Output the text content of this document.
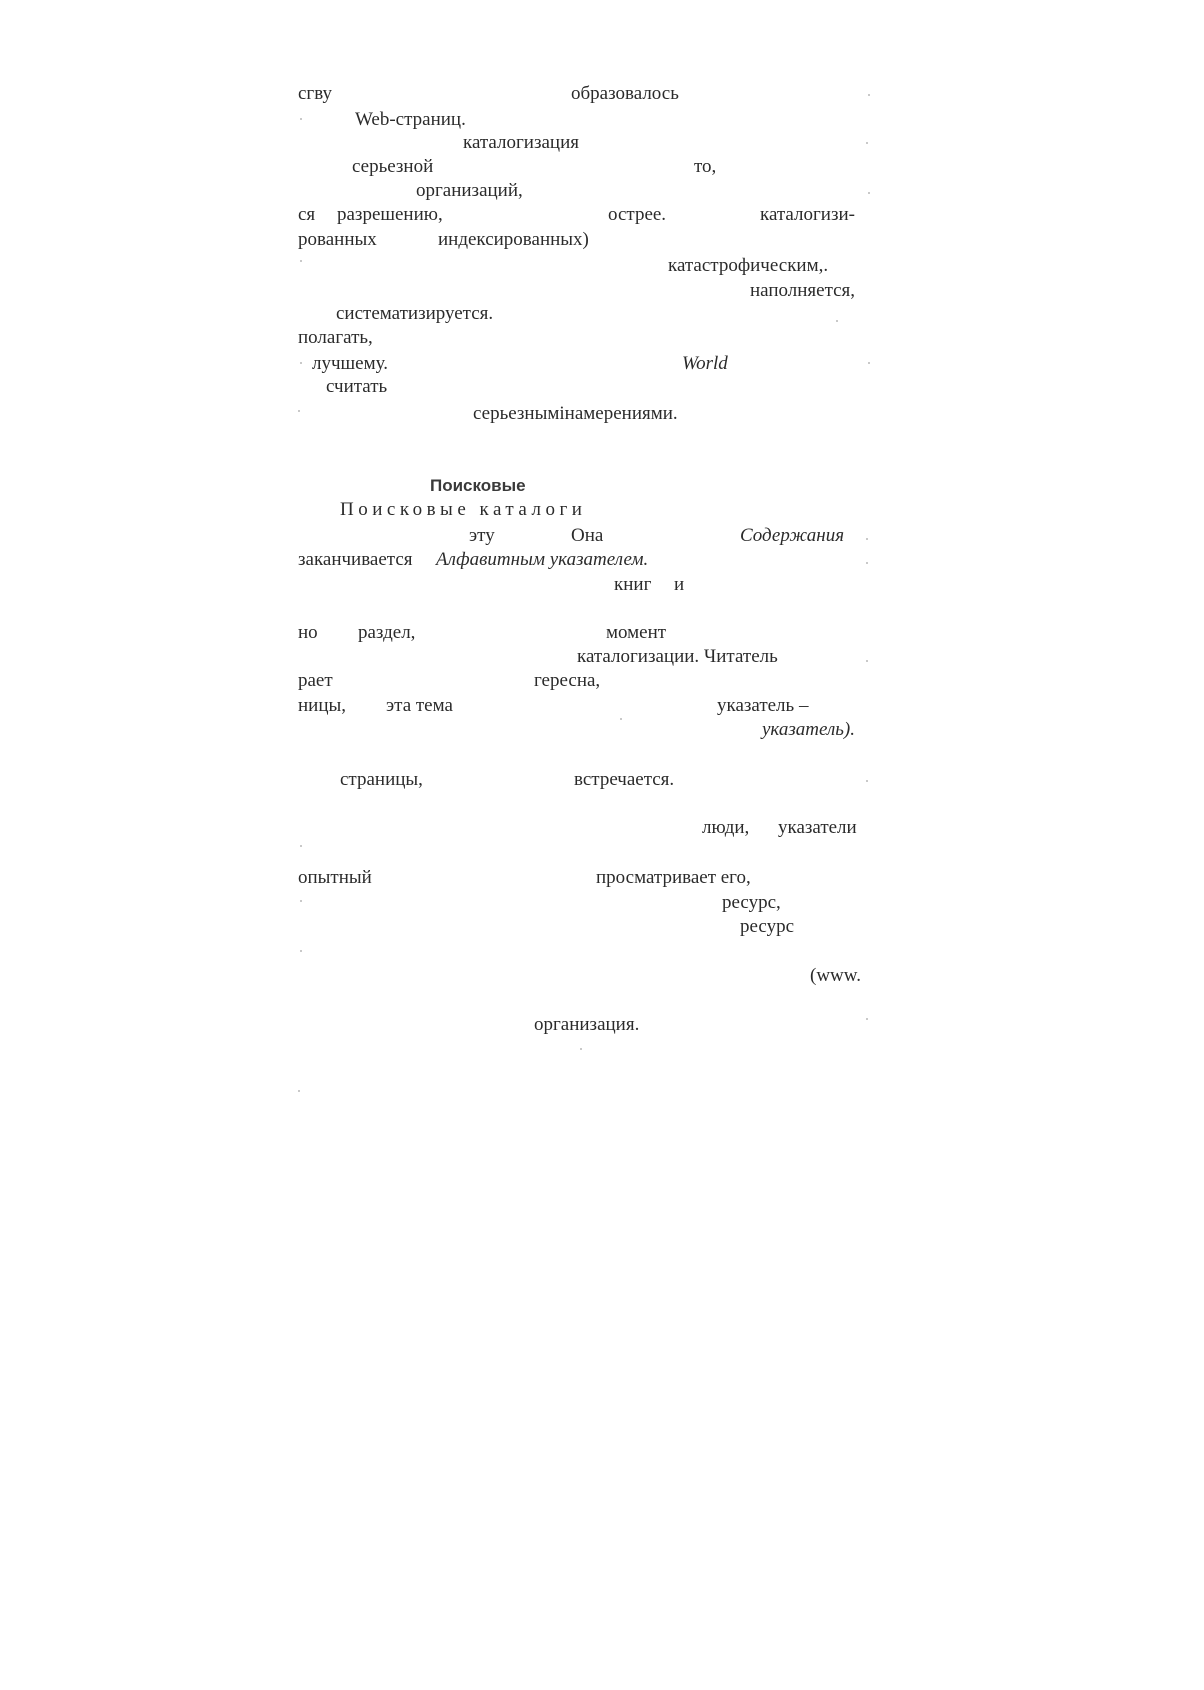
сгву	образовалось
Web-страниц.
каталогизация
серьезной	то,
организаций,
ся разрешению,	острее.	каталогизи-
рованных	индексированных)
катастрофическим,.
наполняется,
систематизируется.
полагать,
лучшему.	World
считать
серьезнымінамерениями.
Поисковые
Поисковые каталоги
эту	Она	Содержания
заканчивается Алфавитным указателем.
книг и
но раздел,	момент
каталогизации. Читатель
рает	гересна,
ницы, эта тема	указатель –
указатель).
страницы,	встречается.
люди, указатели
опытный	просматривает его,
ресурс,
ресурс
(www.
организация.
